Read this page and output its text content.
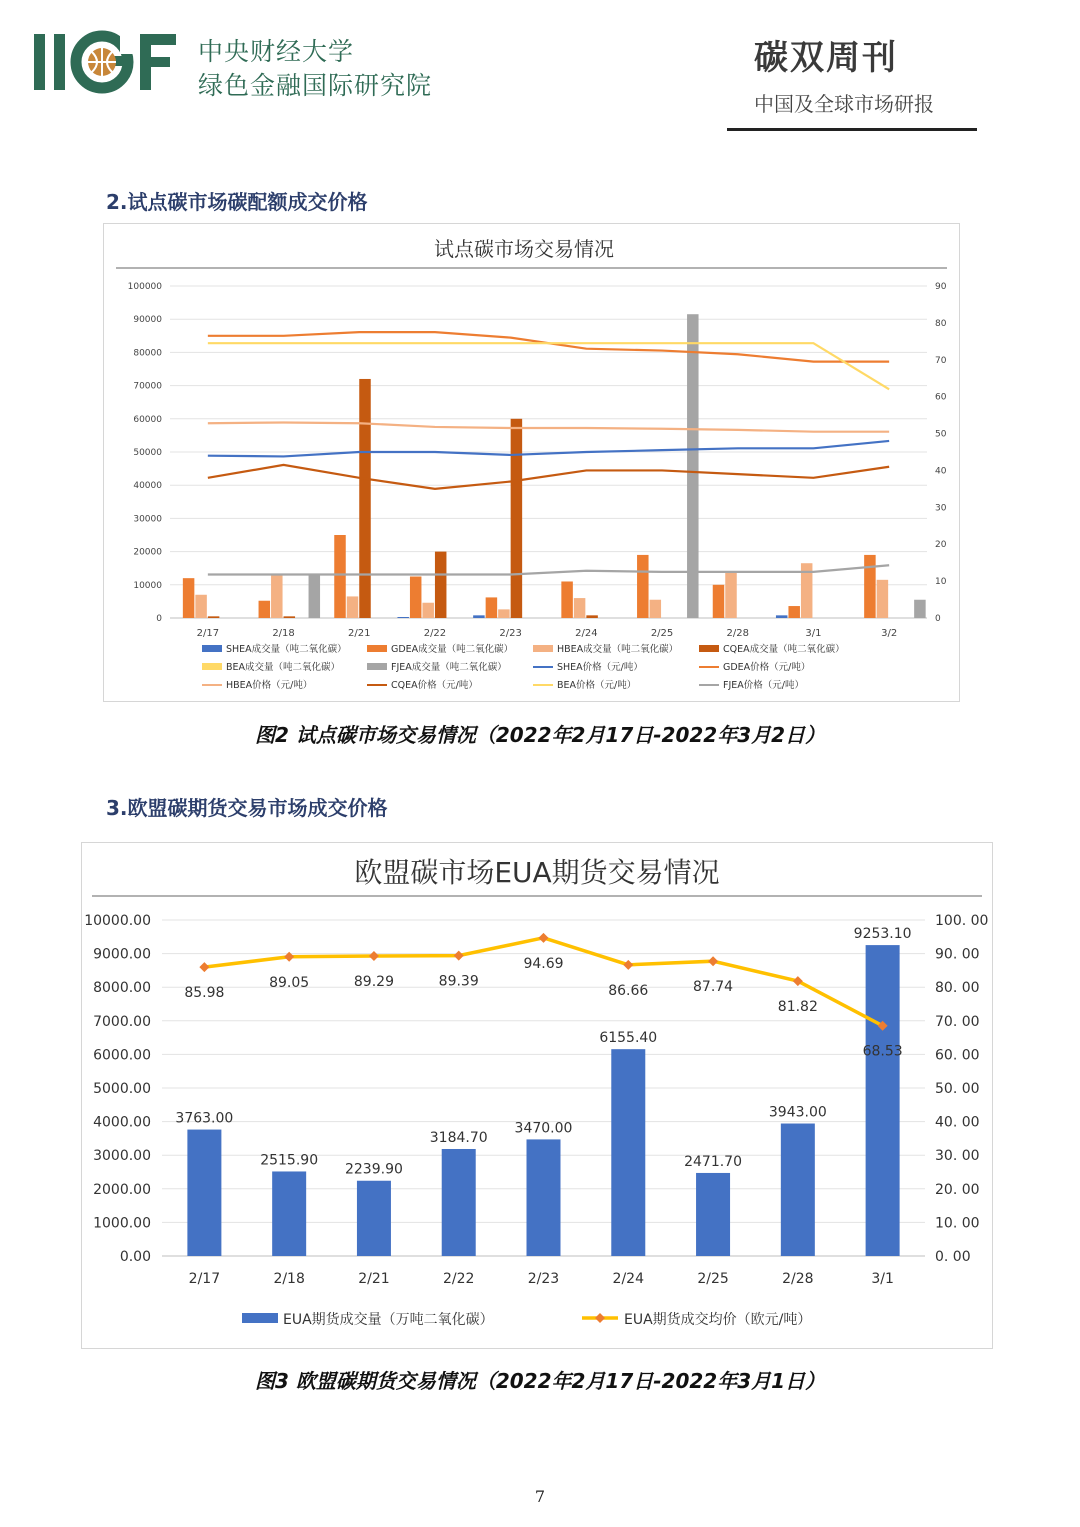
中央财经大学
绿色金融国际研究院
碳双周刊
中国及全球市场研报
2.试点碳市场碳配额成交价格
试点碳市场交易情况
0
10000
20000
30000
40000
50000
60000
70000
80000
90000
100000
0
10
20
30
40
50
60
70
80
90
2/17	2/18	2/21	2/22	2/23	2/24	2/25	2/28	3/1	3/2
SHEA成交量（吨二氧化碳）	GDEA成交量（吨二氧化碳）	HBEA成交量（吨二氧化碳）	CQEA成交量（吨二氧化碳）
BEA成交量（吨二氧化碳）	FJEA成交量（吨二氧化碳）	SHEA价格（元/吨）	GDEA价格（元/吨）
HBEA价格（元/吨）	CQEA价格（元/吨）	BEA价格（元/吨）	FJEA价格（元/吨）
图2 试点碳市场交易情况（2022年2月17日-2022年3月2日）
3.欧盟碳期货交易市场成交价格
欧盟碳市场EUA期货交易情况
0.00
1000.00
2000.00
3000.00
4000.00
5000.00
6000.00
7000.00
8000.00
9000.00
10000.00
0. 00
10. 00
20. 00
30. 00
40. 00
50. 00
60. 00
70. 00
80. 00
90. 00
100. 00
2/17	2/18	2/21	2/22	2/23	2/24	2/25	2/28	3/1
3763.00
2515.90
2239.90
3184.70
3470.00
6155.40
2471.70
3943.00
9253.10
85.98
89.05	89.29	89.39
94.69
86.66	87.74
81.82
68.53
EUA期货成交量（万吨二氧化碳）	EUA期货成交均价（欧元/吨）
图3 欧盟碳期货交易情况（2022年2月17日-2022年3月1日）
7
